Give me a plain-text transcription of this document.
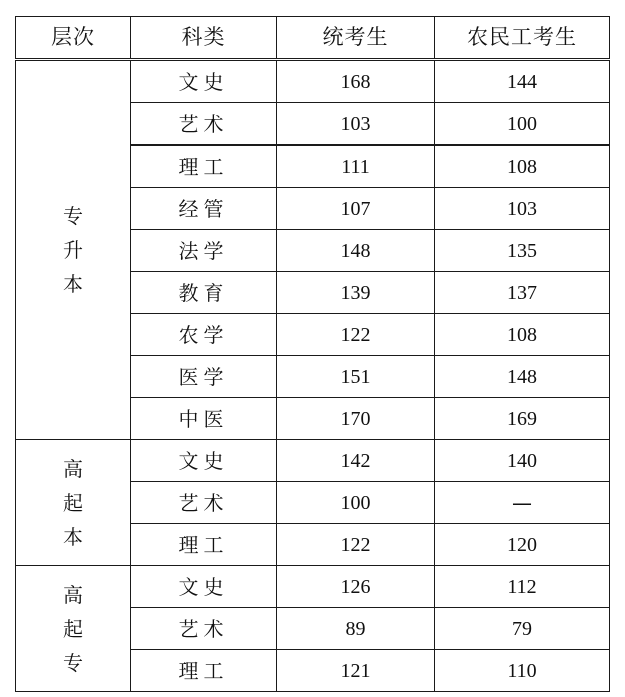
层次	科类	统考生	农民工考生
专
升
本	文史	168	144
	艺术	103	100
	理工	111	108
	经管	107	103
	法学	148	135
	教育	139	137
	农学	122	108
	医学	151	148
	中医	170	169
高
起
本	文史	142	140
	艺术	100	—
	理工	122	120
高
起
专	文史	126	112
	艺术	89	79
	理工	121	110
